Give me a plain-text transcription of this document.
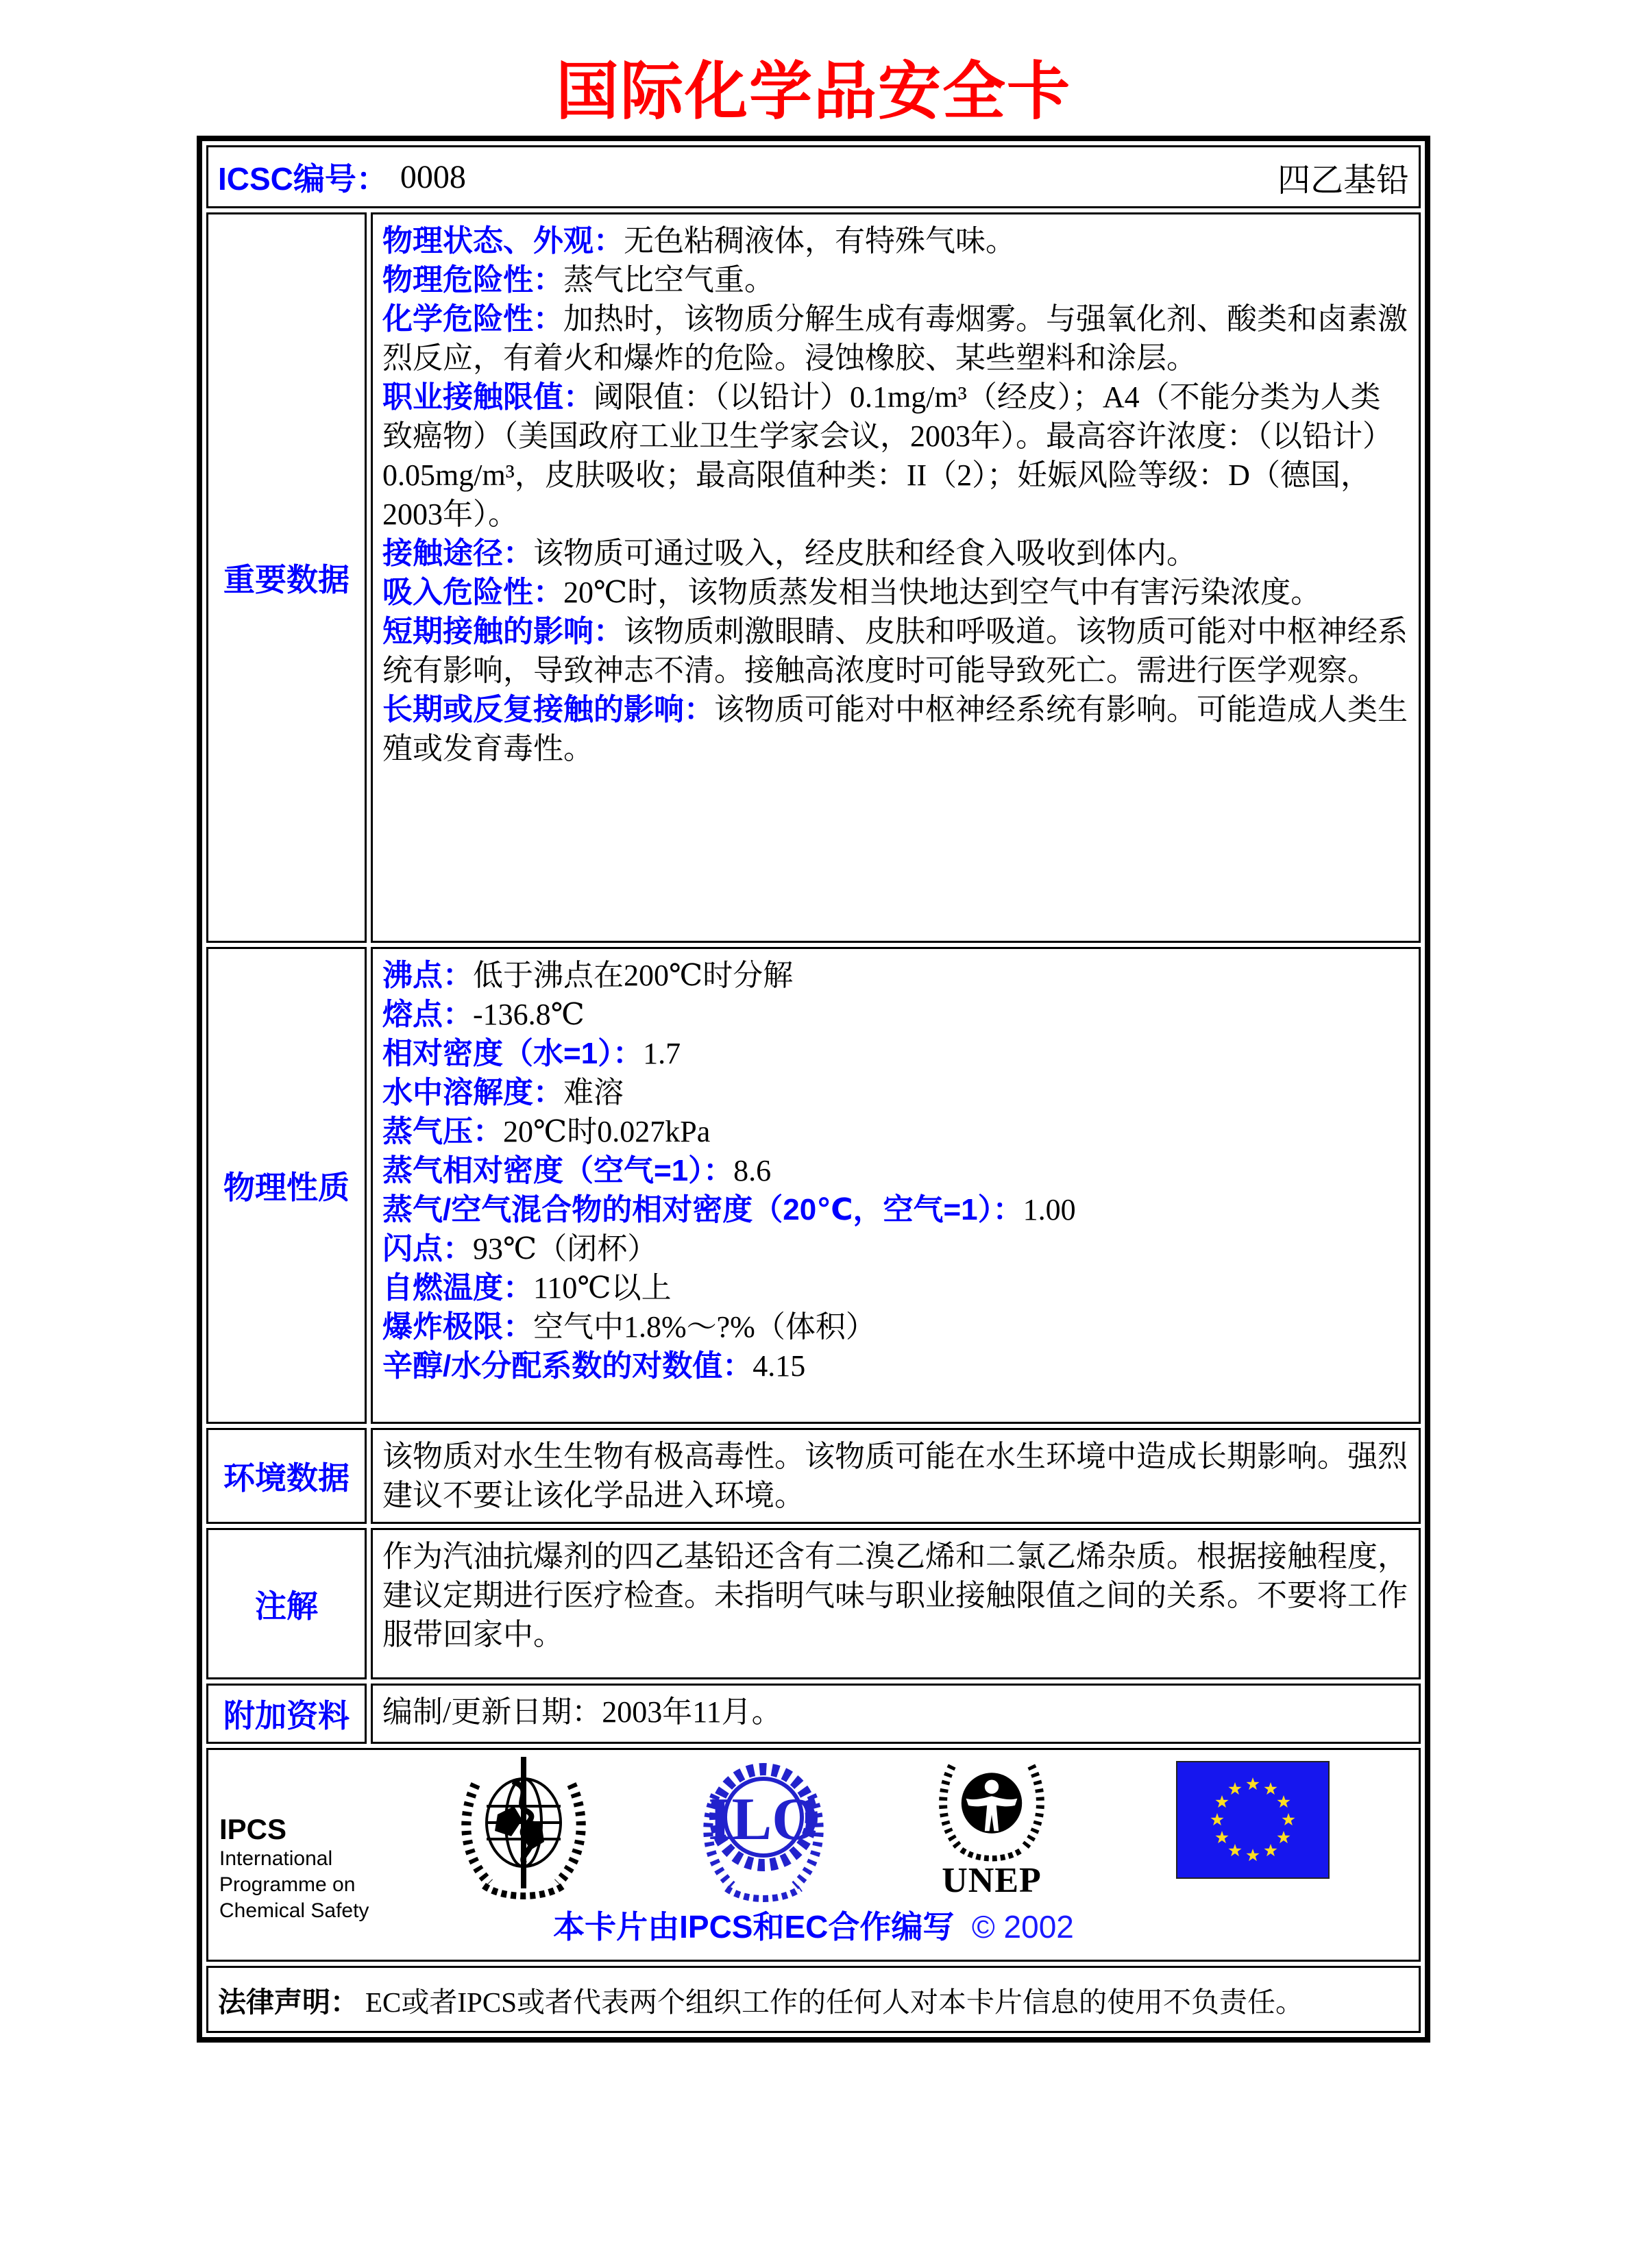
国际化学品安全卡
ICSC编号： 0008	四乙基铅
重要数据

物理状态、外观：无色粘稠液体，有特殊气味。

物理危险性：蒸气比空气重。

化学危险性：加热时，该物质分解生成有毒烟雾。与强氧化剂、酸类和卤素激烈反应，有着火和爆炸的危险。浸蚀橡胶、某些塑料和涂层。

职业接触限值：阈限值：（以铅计）0.1mg/m³（经皮）；A4（不能分类为人类致癌物）（美国政府工业卫生学家会议，2003年）。最高容许浓度：（以铅计）0.05mg/m³，皮肤吸收；最高限值种类：II（2）；妊娠风险等级：D（德国，2003年）。

接触途径：该物质可通过吸入，经皮肤和经食入吸收到体内。

吸入危险性：20℃时，该物质蒸发相当快地达到空气中有害污染浓度。

短期接触的影响：该物质刺激眼睛、皮肤和呼吸道。该物质可能对中枢神经系统有影响，导致神志不清。接触高浓度时可能导致死亡。需进行医学观察。

长期或反复接触的影响：该物质可能对中枢神经系统有影响。可能造成人类生殖或发育毒性。

物理性质

沸点：低于沸点在200℃时分解

熔点：-136.8℃

相对密度（水=1）：1.7

水中溶解度：难溶

蒸气压：20℃时0.027kPa

蒸气相对密度（空气=1）：8.6

蒸气/空气混合物的相对密度（20℃，空气=1）：1.00

闪点：93℃（闭杯）

自燃温度：110℃以上

爆炸极限：空气中1.8%～?%（体积）

辛醇/水分配系数的对数值：4.15

环境数据

该物质对水生生物有极高毒性。该物质可能在水生环境中造成长期影响。强烈建议不要让该化学品进入环境。

注解

作为汽油抗爆剂的四乙基铅还含有二溴乙烯和二氯乙烯杂质。根据接触程度，建议定期进行医疗检查。未指明气味与职业接触限值之间的关系。不要将工作服带回家中。

附加资料	编制/更新日期：2003年11月。

IPCS
International
Programme on
Chemical Safety
ILO
UNEP
本卡片由IPCS和EC合作编写 © 2002
法律声明： EC或者IPCS或者代表两个组织工作的任何人对本卡片信息的使用不负责任。
